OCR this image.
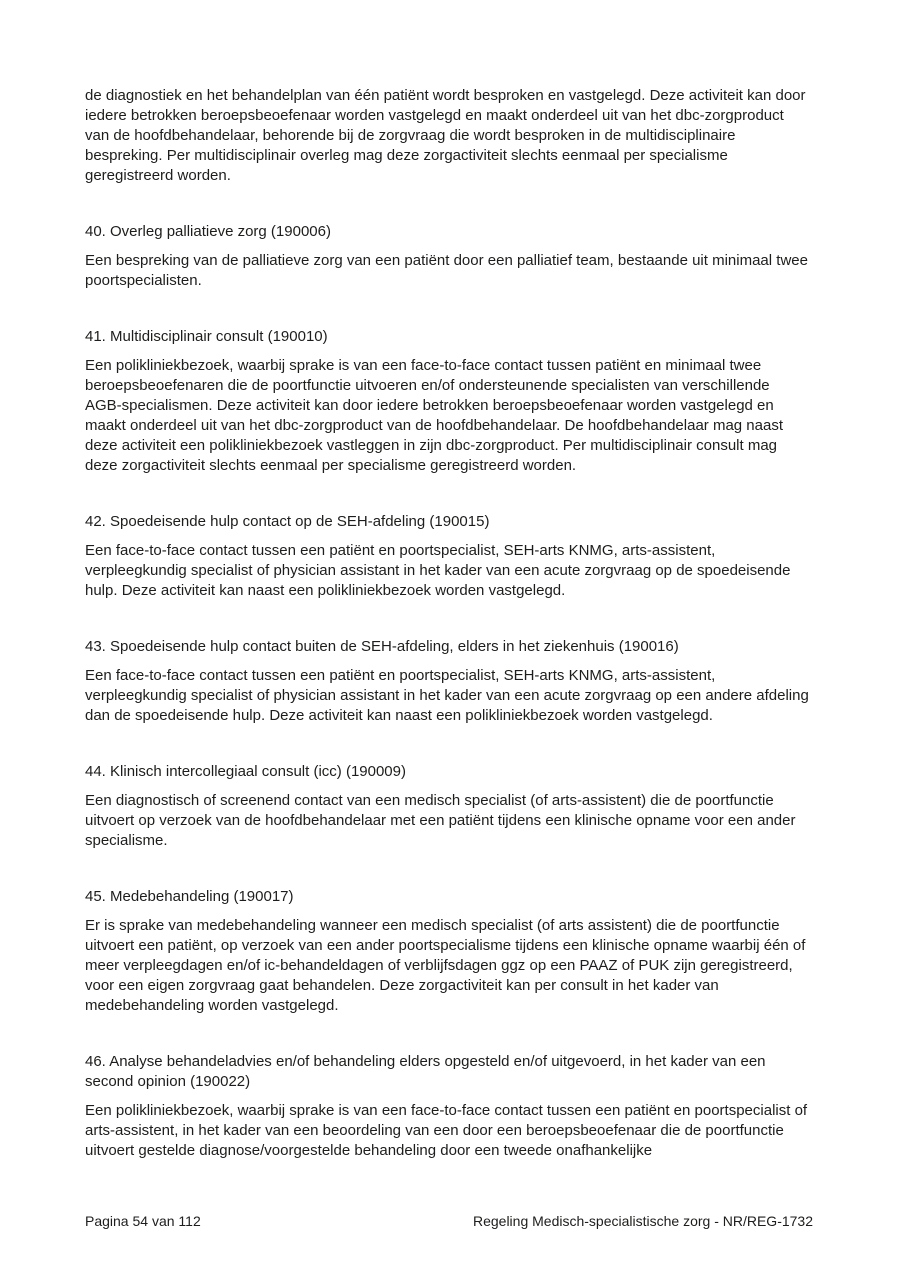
de diagnostiek en het behandelplan van één patiënt wordt besproken en vastgelegd. Deze activiteit kan door iedere betrokken beroepsbeoefenaar worden vastgelegd en maakt onderdeel uit van het dbc-zorgproduct van de hoofdbehandelaar, behorende bij de zorgvraag die wordt besproken in de multidisciplinaire bespreking. Per multidisciplinair overleg mag deze zorgactiviteit slechts eenmaal per specialisme geregistreerd worden.

40. Overleg palliatieve zorg (190006)

Een bespreking van de palliatieve zorg van een patiënt door een palliatief team, bestaande uit minimaal twee poortspecialisten.

41. Multidisciplinair consult (190010)

Een polikliniekbezoek, waarbij sprake is van een face-to-face contact tussen patiënt en minimaal twee beroepsbeoefenaren die de poortfunctie uitvoeren en/of ondersteunende specialisten van verschillende AGB-specialismen. Deze activiteit kan door iedere betrokken beroepsbeoefenaar worden vastgelegd en maakt onderdeel uit van het dbc-zorgproduct van de hoofdbehandelaar. De hoofdbehandelaar mag naast deze activiteit een polikliniekbezoek vastleggen in zijn dbc-zorgproduct. Per multidisciplinair consult mag deze zorgactiviteit slechts eenmaal per specialisme geregistreerd worden.

42. Spoedeisende hulp contact op de SEH-afdeling (190015)

Een face-to-face contact tussen een patiënt en poortspecialist, SEH-arts KNMG, arts-assistent, verpleegkundig specialist of physician assistant in het kader van een acute zorgvraag op de spoedeisende hulp. Deze activiteit kan naast een polikliniekbezoek worden vastgelegd.

43. Spoedeisende hulp contact buiten de SEH-afdeling, elders in het ziekenhuis (190016)

Een face-to-face contact tussen een patiënt en poortspecialist, SEH-arts KNMG, arts-assistent, verpleegkundig specialist of physician assistant in het kader van een acute zorgvraag op een andere afdeling dan de spoedeisende hulp. Deze activiteit kan naast een polikliniekbezoek worden vastgelegd.

44. Klinisch intercollegiaal consult (icc) (190009)

Een diagnostisch of screenend contact van een medisch specialist (of arts-assistent) die de poortfunctie uitvoert op verzoek van de hoofdbehandelaar met een patiënt tijdens een klinische opname voor een ander specialisme.

45. Medebehandeling (190017)

Er is sprake van medebehandeling wanneer een medisch specialist (of arts assistent) die de poortfunctie uitvoert een patiënt, op verzoek van een ander poortspecialisme tijdens een klinische opname waarbij één of meer verpleegdagen en/of ic-behandeldagen of verblijfsdagen ggz op een PAAZ of PUK zijn geregistreerd, voor een eigen zorgvraag gaat behandelen. Deze zorgactiviteit kan per consult in het kader van medebehandeling worden vastgelegd.

46. Analyse behandeladvies en/of behandeling elders opgesteld en/of uitgevoerd, in het kader van een second opinion (190022)

Een polikliniekbezoek, waarbij sprake is van een face-to-face contact tussen een patiënt en poortspecialist of arts-assistent, in het kader van een beoordeling van een door een beroepsbeoefenaar die de poortfunctie uitvoert gestelde diagnose/voorgestelde behandeling door een tweede onafhankelijke

Pagina 54 van 112	Regeling Medisch-specialistische zorg - NR/REG-1732
